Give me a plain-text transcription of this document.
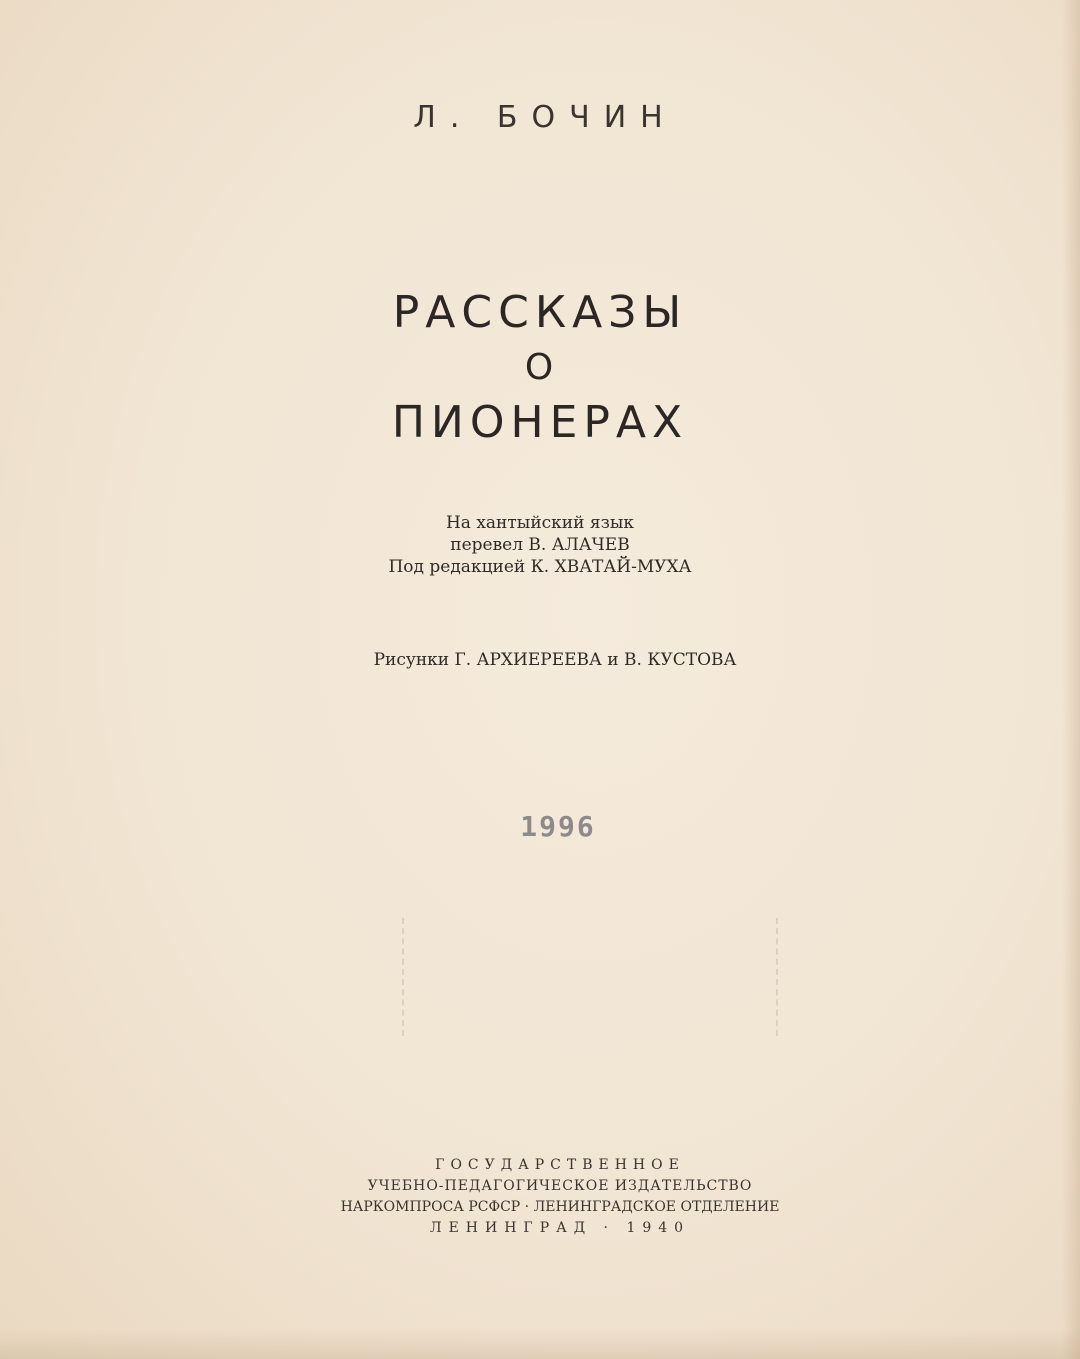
Л. БОЧИН
РАССКАЗЫ
О
ПИОНЕРАХ
На хантыйский язык
перевел В. АЛАЧЕВ
Под редакцией К. ХВАТАЙ-МУХА
Рисунки Г. АРХИЕРЕЕВА и В. КУСТОВА
1996
ГОСУДАРСТВЕННОЕ
УЧЕБНО-ПЕДАГОГИЧЕСКОЕ ИЗДАТЕЛЬСТВО
НАРКОМПРОСА РСФСР · ЛЕНИНГРАДСКОЕ ОТДЕЛЕНИЕ
ЛЕНИНГРАД · 1940
